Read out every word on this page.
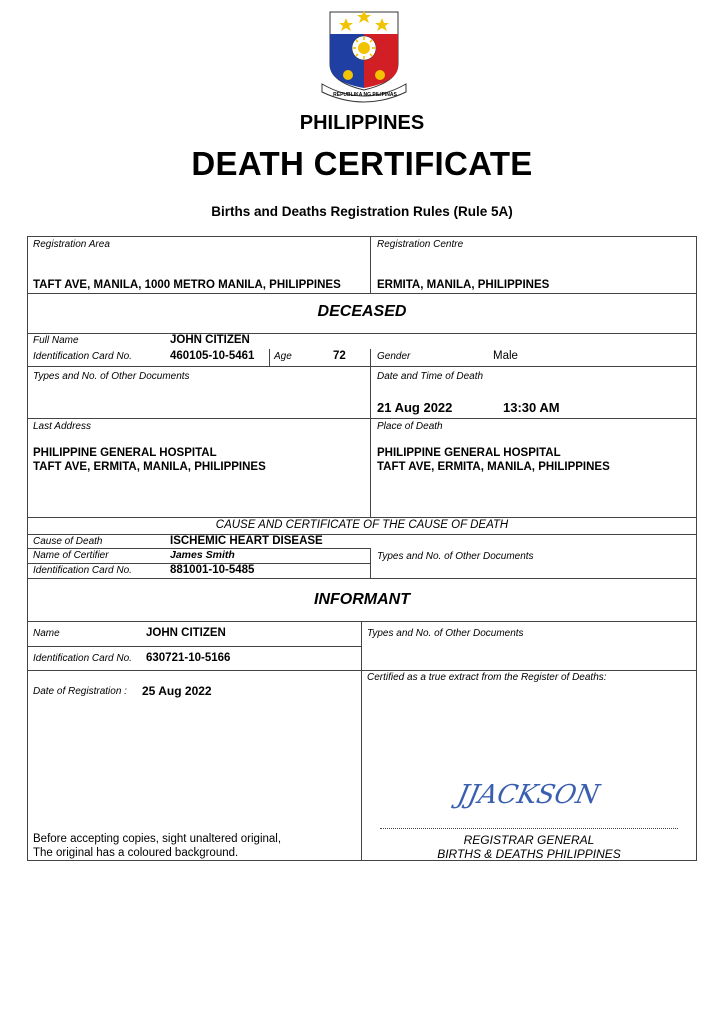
REPUBLIKA NG PILIPINAS
PHILIPPINES
DEATH CERTIFICATE
Births and Deaths Registration Rules (Rule 5A)
Registration Area
TAFT AVE, MANILA, 1000 METRO MANILA, PHILIPPINES
Registration Centre
ERMITA, MANILA, PHILIPPINES
DECEASED
Full Name	JOHN CITIZEN
Identification Card No.	460105-10-5461 Age	72	Gender	Male
Types and No. of Other Documents	Date and Time of Death
21 Aug 2022	13:30 AM
Last Address
PHILIPPINE GENERAL HOSPITAL
TAFT AVE, ERMITA, MANILA, PHILIPPINES
Place of Death
PHILIPPINE GENERAL HOSPITAL
TAFT AVE, ERMITA, MANILA, PHILIPPINES
CAUSE AND CERTIFICATE OF THE CAUSE OF DEATH
Cause of Death	ISCHEMIC HEART DISEASE
Name of Certifier	James Smith
Identification Card No.	881001-10-5485
Types and No. of Other Documents
INFORMANT
Name	JOHN CITIZEN	Types and No. of Other Documents
Identification Card No. 630721-10-5166
Date of Registration : 25 Aug 2022
Certified as a true extract from the Register of Deaths:
JJACKSON
REGISTRAR GENERAL
BIRTHS & DEATHS PHILIPPINES
Before accepting copies, sight unaltered original,
The original has a coloured background.
